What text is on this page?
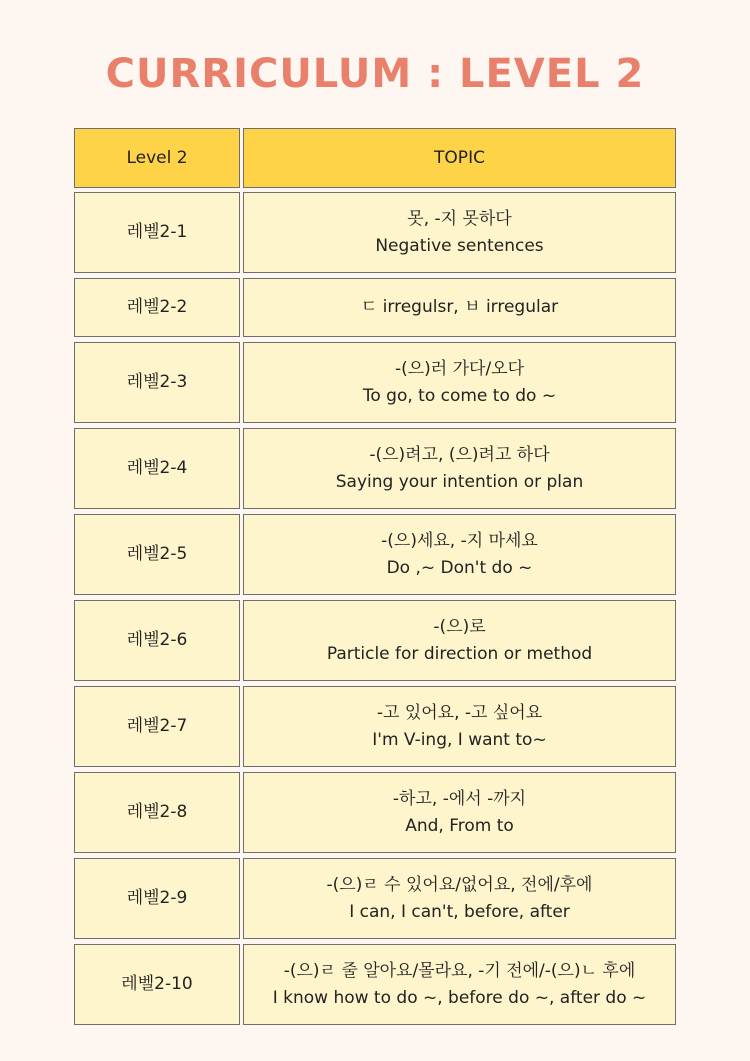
CURRICULUM : LEVEL 2
Level 2	TOPIC
레벨2-1
못, -지 못하다
Negative sentences
레벨2-2	ㄷ irregulsr, ㅂ irregular
레벨2-3
-(으)러 가다/오다
To go, to come to do ~
레벨2-4
-(으)려고, (으)려고 하다
Saying your intention or plan
레벨2-5
-(으)세요, -지 마세요
Do ,~ Don't do ~
레벨2-6
-(으)로
Particle for direction or method
레벨2-7
-고 있어요, -고 싶어요
I'm V-ing, I want to~
레벨2-8
-하고, -에서 -까지
And, From to
레벨2-9
-(으)ㄹ 수 있어요/없어요, 전에/후에
I can, I can't, before, after
레벨2-10
-(으)ㄹ 줄 알아요/몰라요, -기 전에/-(으)ㄴ 후에
I know how to do ~, before do ~, after do ~
